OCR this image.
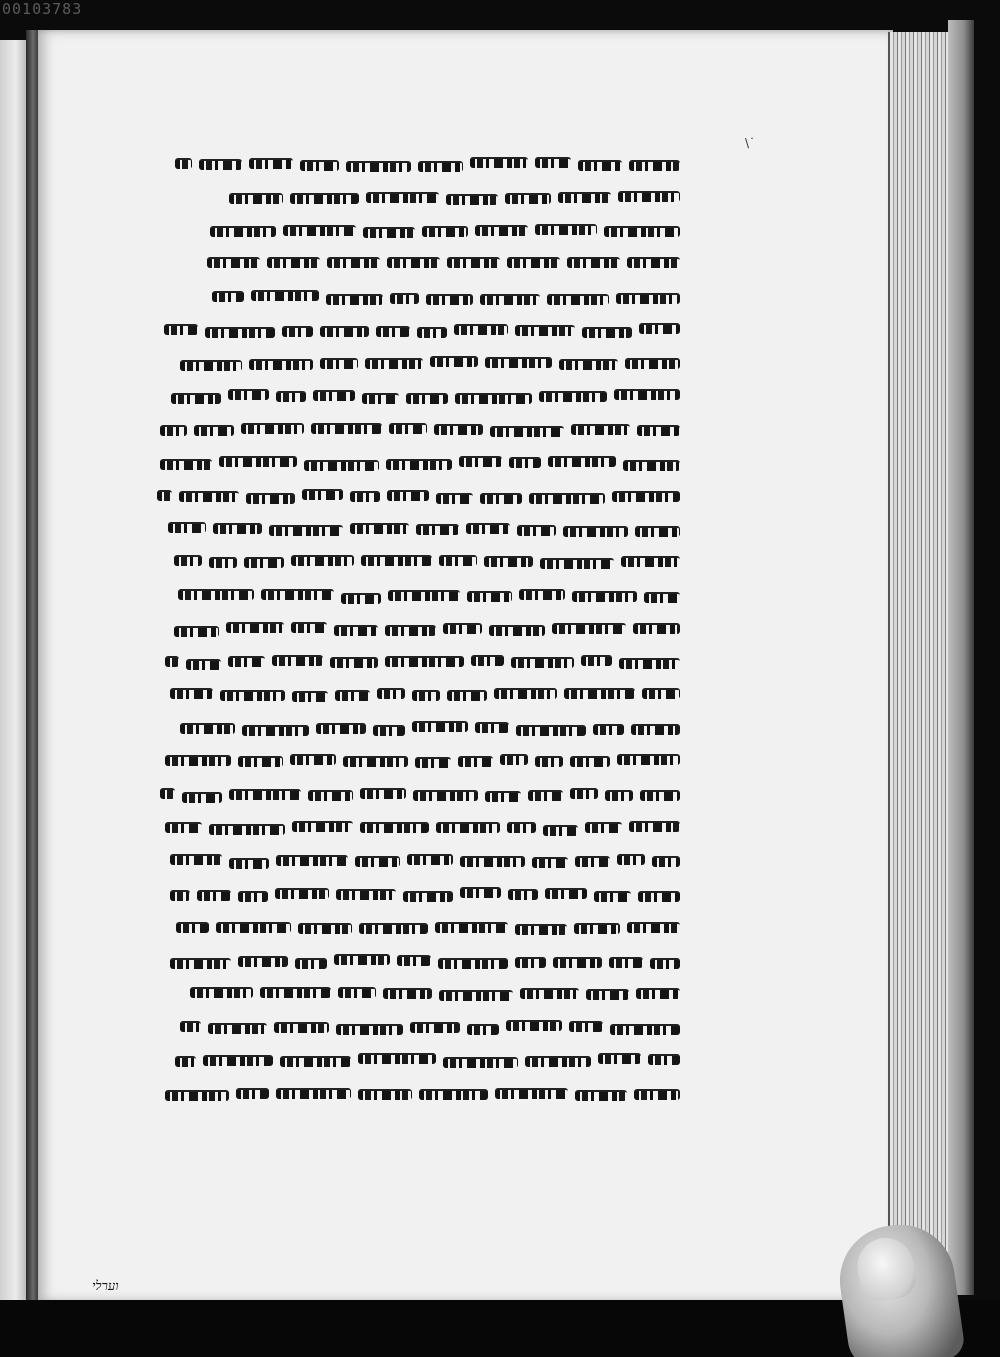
00103783
\˙
וערלי
